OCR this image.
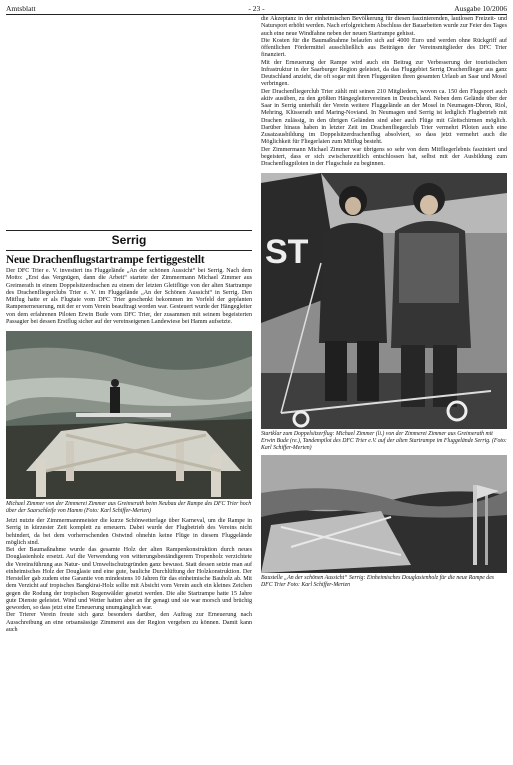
Amtsblatt	- 23 -	Ausgabe 10/2006
Serrig
Neue Drachenflugstartrampe fertiggestellt

Der DFC Trier e. V. investiert ins Fluggelände „An der schönen Aussicht“ bei Serrig. Nach dem Motto: „Erst das Vergnügen, dann die Arbeit“ startete der Zimmermann Michael Zimmer aus Greimerath in einem Doppelsitzerdrachen zu einem der letzten Gleitflüge von der alten Startrampe des Drachenfliegerclubs Trier e. V. im Fluggelände „An der Schönen Aussicht“ in Serrig. Den Mitflug hatte er als Flugtaie vom DFC Trier geschenkt bekommen im Vorfeld der geplanten Rampenerneuerung, mit der er vom Verein beauftragt worden war. Gesteuert wurde der Hängegleiter von dem erfahrenen Piloten Erwin Bude vom DFC Trier, der zusammen mit seinem begeisterten Passagier bei dessen Erstflug sicher auf der vereinseigenen Landewiese bei Hamm aufsetzte.

Michael Zimmer von der Zimmerei Zimmer aus Greimerath beim Neubau der Rampe des DFC Trier hoch über der Saarschleife von Hamm (Foto: Karl Schiffer-Merten)

Jetzt nutzte der Zimmermannmeister die kurze Schönwetterlage über Karneval, um die Rampe in Serrig in kürzester Zeit komplett zu erneuern. Dabei wurde der Flugbetrieb des Vereins nicht behindert, da bei dem vorherrschenden Ostwind ohnehin keine Flüge in diesem Fluggelände möglich sind.

Bei der Baumaßnahme wurde das gesamte Holz der alten Rampenkonstruktion durch neues Douglasienholz ersetzt. Auf die Verwendung von witterungsbeständigerem Tropenholz verzichtete die Vereinsführung aus Natur- und Umweltschutzgründen ganz bewusst. Statt dessen setzte man auf einheimisches Holz der Douglasie und eine gute, bauliche Durchlüftung der Holzkonstruktion. Der Hersteller gab zudem eine Garantie von mindestens 10 Jahren für das einheimische Bauholz ab. Mit dem Verzicht auf tropisches Bangkirai-Holz sollte mit Absicht vom Verein auch ein kleines Zeichen gegen die Rodung der tropischen Regenwälder gesetzt werden. Die alte Startrampe hatte 15 Jahre gute Dienste geleistet. Wind und Wetter hatten aber an ihr genagt und sie war morsch und brüchig geworden, so dass jetzt eine Erneuerung unumgänglich war.

Der Trierer Verein freute sich ganz besonders darüber, den Auftrag zur Erneuerung nach Ausschreibung an eine ortsansässige Zimmerei aus der Region vergeben zu können. Damit kann auch

die Akzeptanz in der einheimischen Bevölkerung für diesen faszinierenden, lautlosen Freizeit- und Natursport erhöht werden. Nach erfolgreichem Abschluss der Bauarbeiten wurde zur Feier des Tages auch eine neue Windfahne neben der neuen Startrampe gehisst.

Die Kosten für die Baumaßnahme belaufen sich auf 4000 Euro und werden ohne Rückgriff auf öffentlichen Fördermittel ausschließlich aus Beiträgen der Vereinsmitglieder des DFC Trier finanziert.

Mit der Erneuerung der Rampe wird auch ein Beitrag zur Verbesserung der touristischen Infrastruktur in der Saarburger Region geleistet, da das Fluggebiet Serrig Drachenflieger aus ganz Deutschland anzieht, die oft sogar mit ihren Fluggeräten ihren gesamten Urlaub an Saar und Mosel verbringen.

Der Drachenfliegerclub Trier zählt mit seinen 210 Mitgliedern, wovon ca. 150 den Flugsport auch aktiv ausüben, zu den größten Hängegleitervereinen in Deutschland. Neben dem Gelände über der Saar in Serrig unterhält der Verein weitere Fluggelände an der Mosel in Neumagen-Dhron, Riol, Mehring, Klüsserath und Maring-Noviand. In Neumagen und Serrig ist lediglich Flugbetrieb mit Drachen zulässig, in den übrigen Geländen sind aber auch Flüge mit Gleitschirmen möglich. Darüber hinaus haben in letzter Zeit im Drachenfliegerclub Trier vermehrt Piloten auch eine Zusatzausbildung im Doppelsitzerdrachenflug absolviert, so dass jetzt vermehrt auch die Möglichkeit für Fliegerlaien zum Mitflug besteht.

Der Zimmermann Michael Zimmer war übrigens so sehr von dem Mitfliegerlebnis fasziniert und begeistert, dass er sich zwischenzeitlich entschlossen hat, selbst mit der Ausbildung zum Drachenflugpiloten in der Flugschule zu beginnen.

ST
Startklar zum Doppelsitzerflug: Michael Zimmer (li.) von der Zimmerei Zimmer aus Greimerath mit Erwin Bude (re.), Tandempilot des DFC Trier e.V. auf der alten Startrampe im Fluggelände Serrig. (Foto: Karl Schiffer-Merten)
Baustelle „An der schönen Aussicht“ Serrig: Einheimisches Douglasienholz für die neue Rampe des DFC Trier Foto: Karl Schiffer-Merten
